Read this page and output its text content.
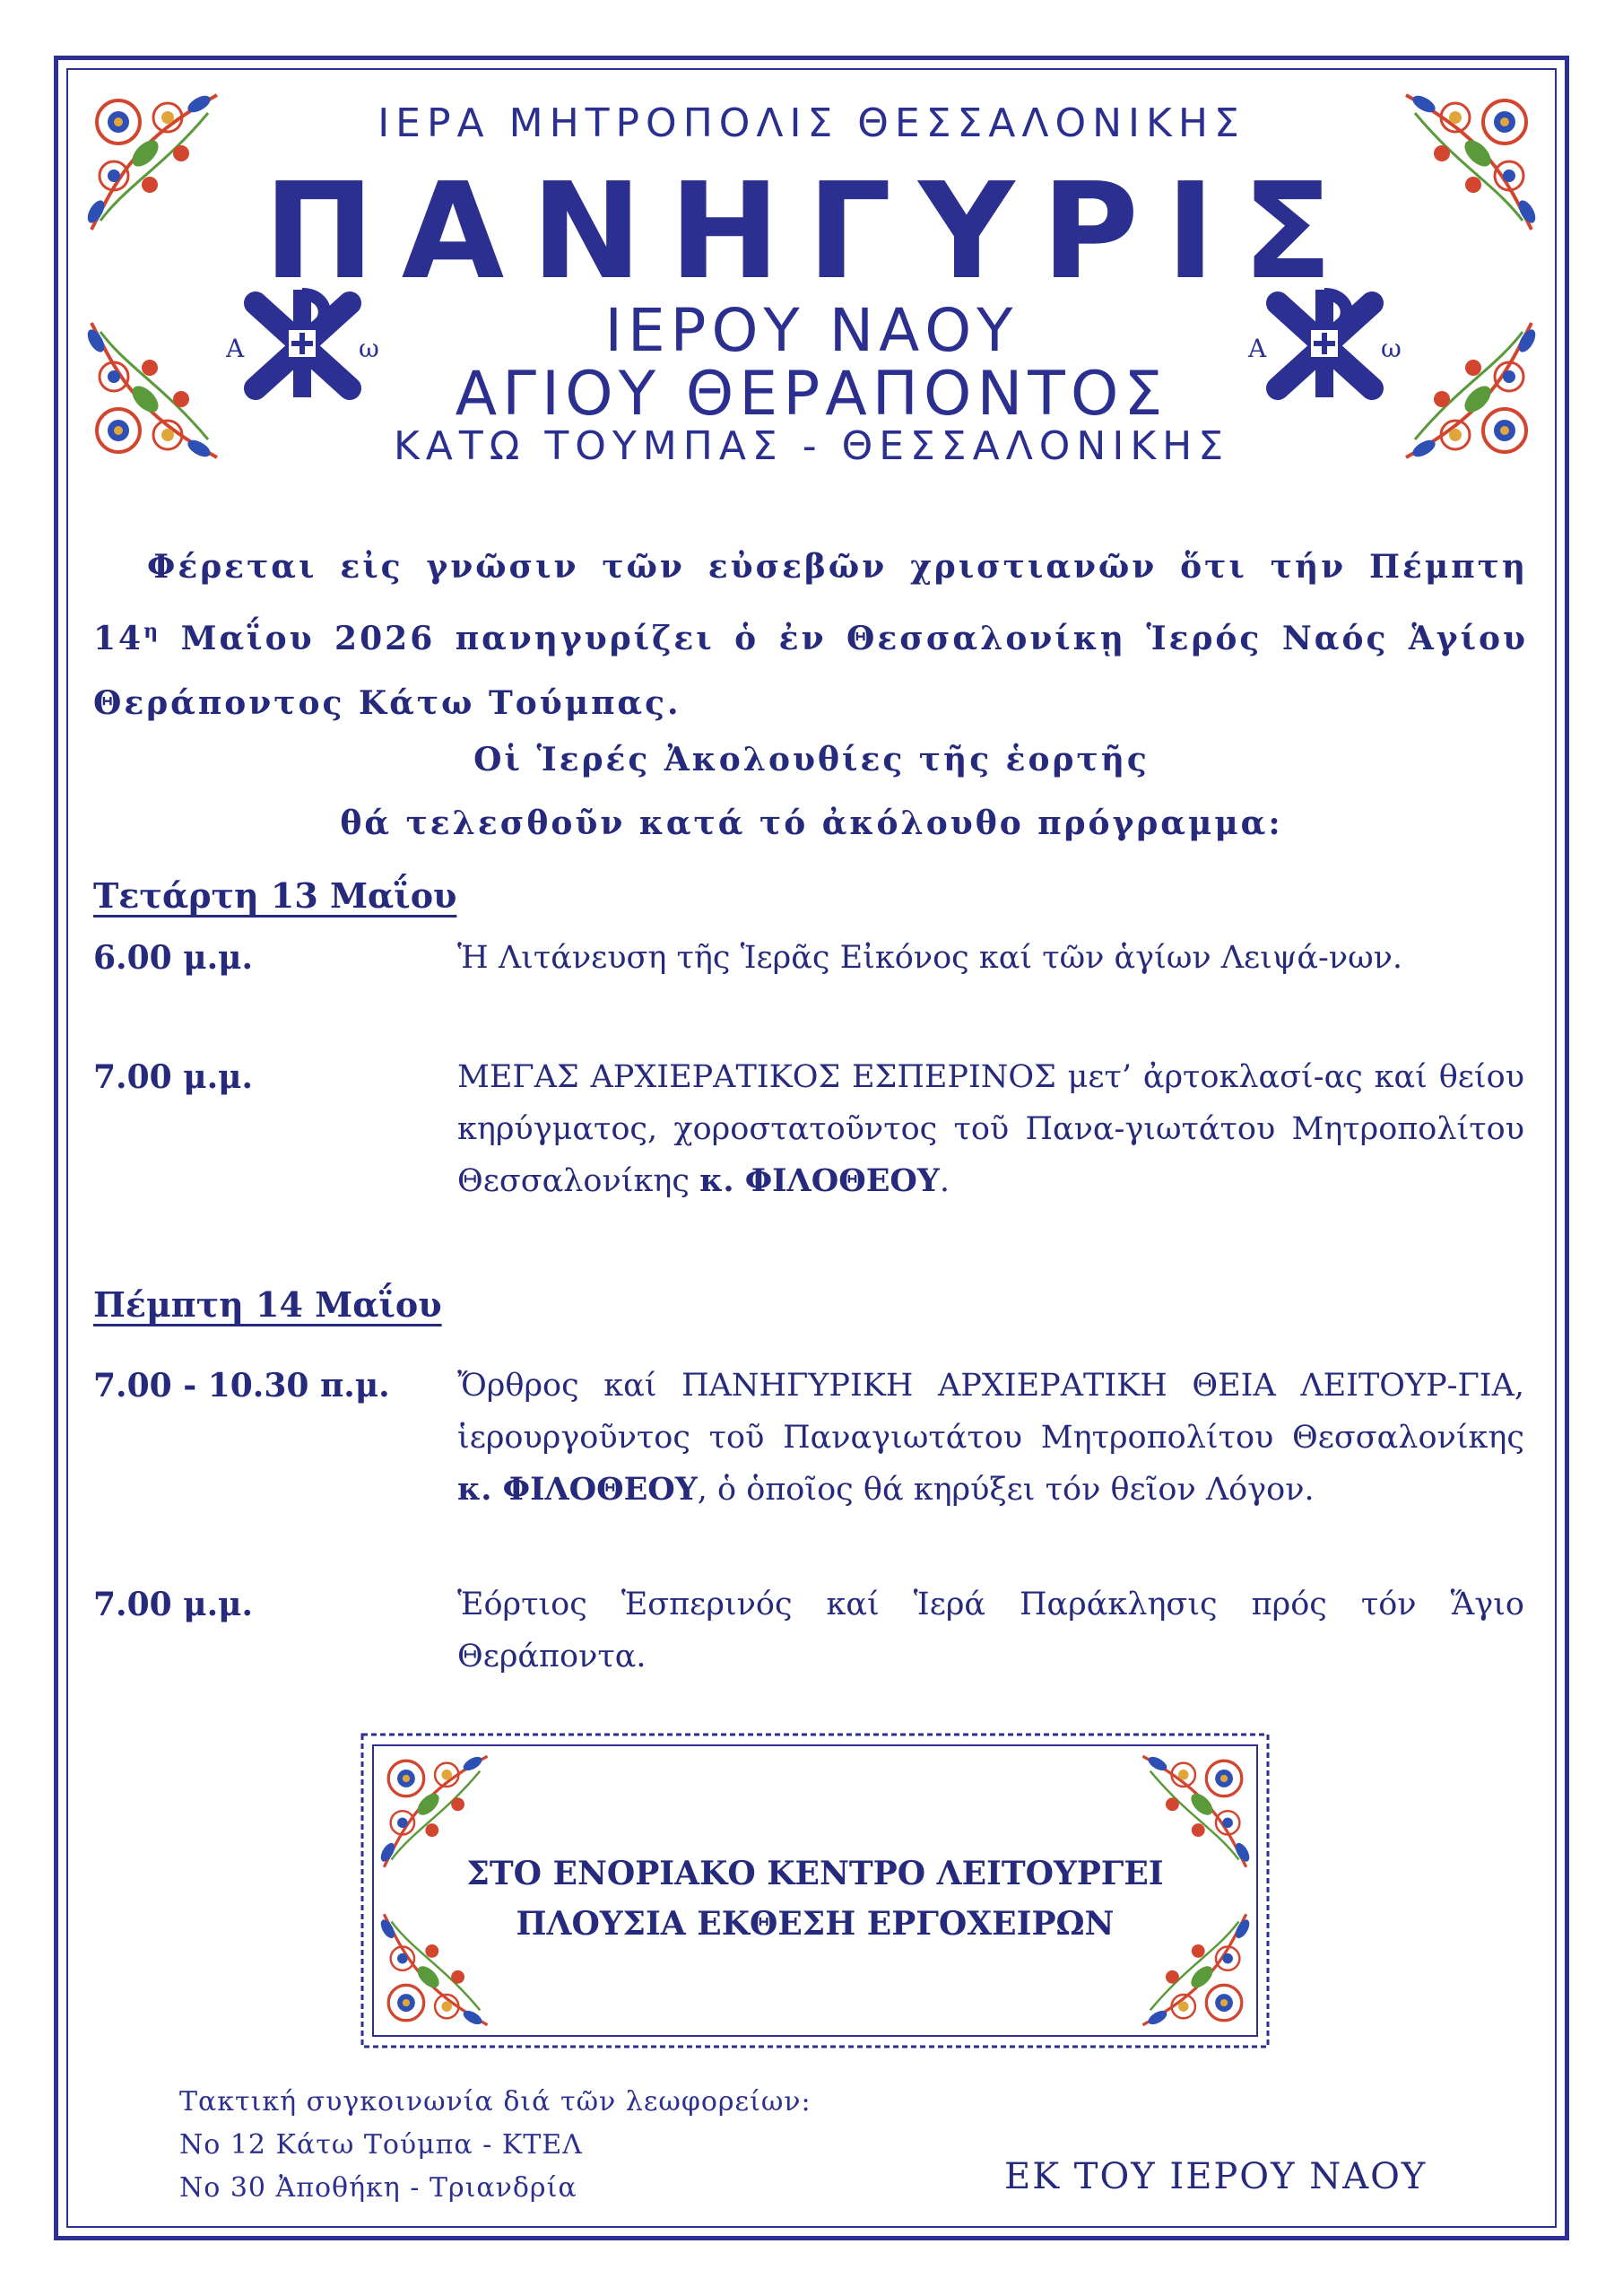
Α	ω	Α	ω
ΙΕΡΑ ΜΗΤΡΟΠΟΛΙΣ ΘΕΣΣΑΛΟΝΙΚΗΣ
ΠΑΝΗΓΥΡΙΣ
ΙΕΡΟΥ ΝΑΟΥ
ΑΓΙΟΥ ΘΕΡΑΠΟΝΤΟΣ
ΚΑΤΩ ΤΟΥΜΠΑΣ - ΘΕΣΣΑΛΟΝΙΚΗΣ
Φέρεται εἰς γνῶσιν τῶν εὐσεβῶν χριστιανῶν ὅτι τήν Πέμπτη $14^\eta$ Μαΐου 2026 πανηγυρίζει ὁ ἐν Θεσσαλονίκῃ Ἱερός Ναός Ἁγίου Θεράποντος Κάτω Τούμπας.
Οἱ Ἱερές Ἀκολουθίες τῆς ἑορτῆς
θά τελεσθοῦν κατά τό ἀκόλουθο πρόγραμμα:
Τετάρτη 13 Μαΐου
6.00 μ.μ.	Ἡ Λιτάνευση τῆς Ἱερᾶς Εἰκόνος καί τῶν ἁγίων Λειψά-νων.
7.00 μ.μ.	ΜΕΓΑΣ ΑΡΧΙΕΡΑΤΙΚΟΣ ΕΣΠΕΡΙΝΟΣ μετ’ ἀρτοκλασί-ας καί θείου κηρύγματος, χοροστατοῦντος τοῦ Πανα-γιωτάτου Μητροπολίτου Θεσσαλονίκης κ. ΦΙΛΟΘΕΟΥ.
Πέμπτη 14 Μαΐου
7.00 - 10.30 π.μ. Ὄρθρος καί ΠΑΝΗΓΥΡΙΚΗ ΑΡΧΙΕΡΑΤΙΚΗ ΘΕΙΑ ΛΕΙΤΟΥΡ-ΓΙΑ, ἱερουργοῦντος τοῦ Παναγιωτάτου Μητροπολίτου Θεσσαλονίκης κ. ΦΙΛΟΘΕΟΥ, ὁ ὁποῖος θά κηρύξει τόν θεῖον Λόγον.
7.00 μ.μ.	Ἑόρτιος Ἑσπερινός καί Ἱερά Παράκλησις πρός τόν Ἅγιο Θεράποντα.
ΣΤΟ ΕΝΟΡΙΑΚΟ ΚΕΝΤΡΟ ΛΕΙΤΟΥΡΓΕΙ
ΠΛΟΥΣΙΑ ΕΚΘΕΣΗ ΕΡΓΟΧΕΙΡΩΝ
Τακτική συγκοινωνία διά τῶν λεωφορείων:
Νο 12 Κάτω Τούμπα - ΚΤΕΛ
Νο 30 Ἀποθήκη - Τριανδρία	ΕΚ ΤΟΥ ΙΕΡΟΥ ΝΑΟΥ
